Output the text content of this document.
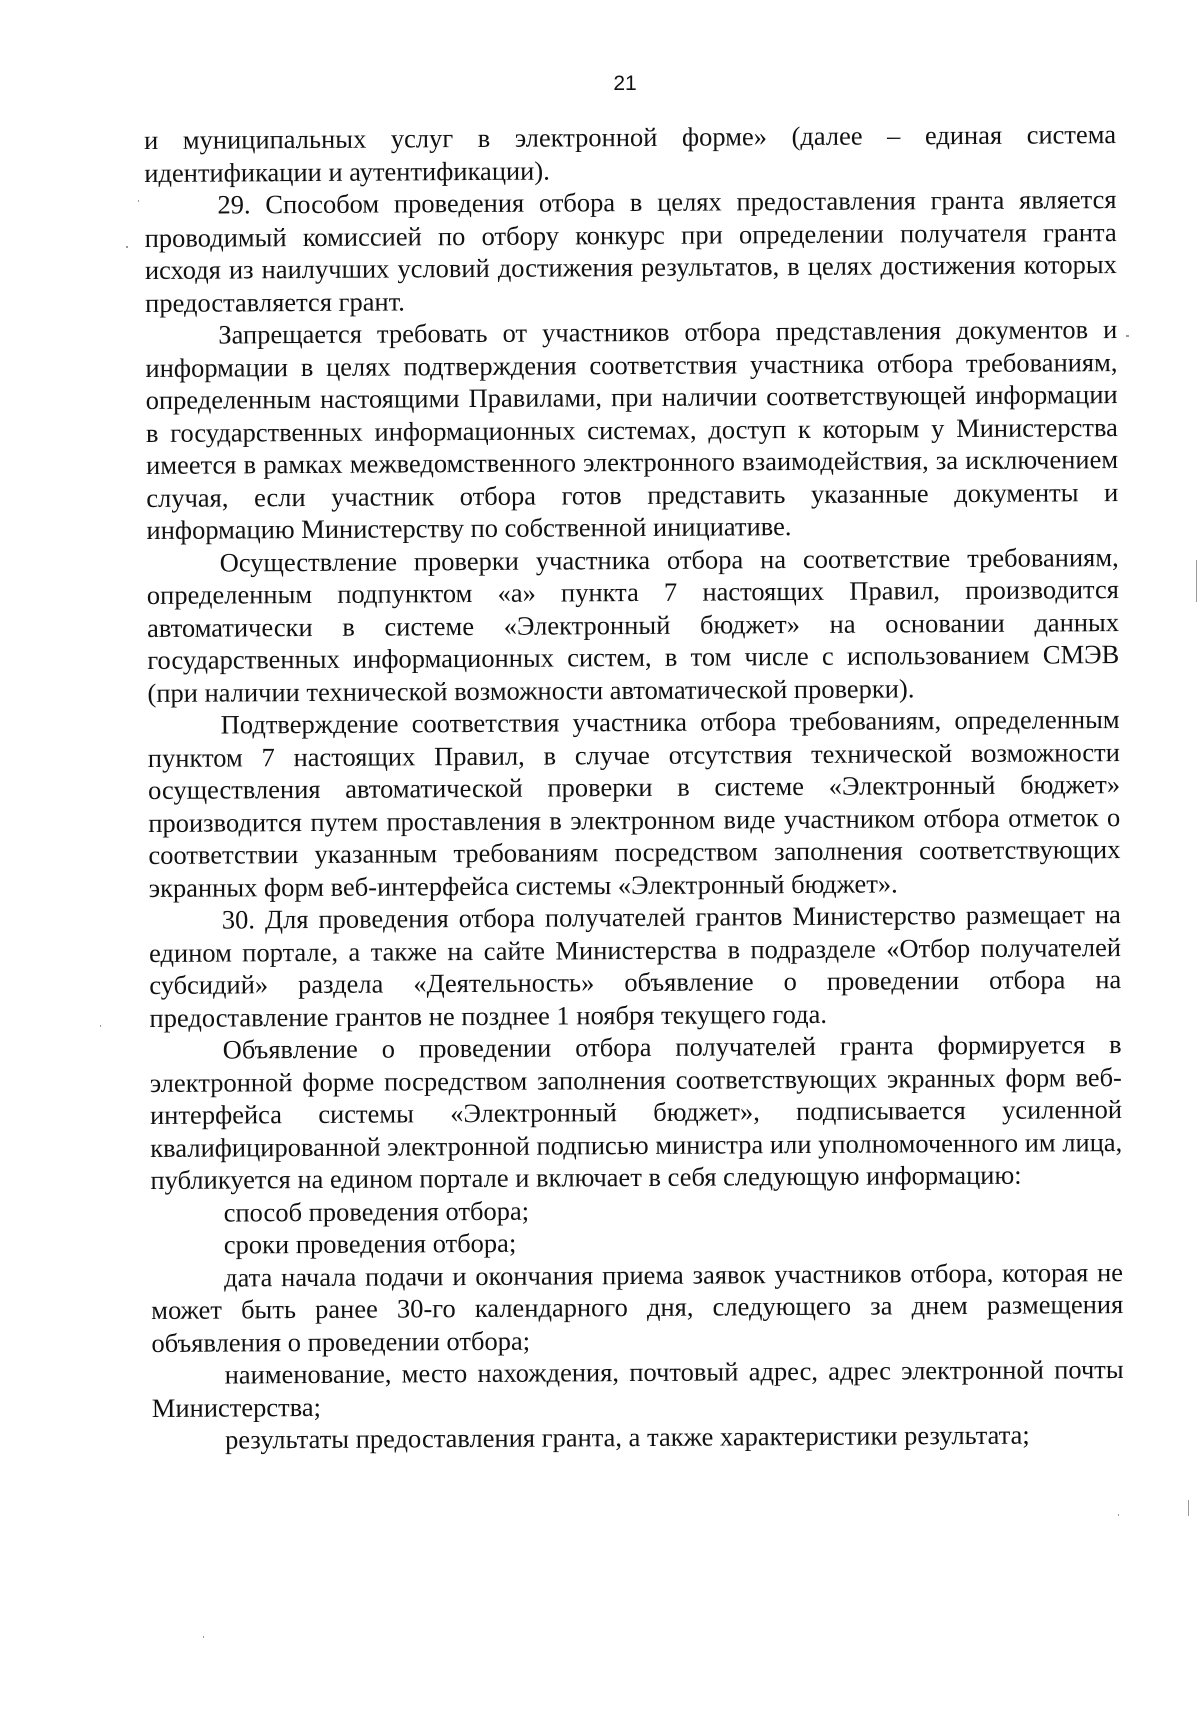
21

и муниципальных услуг в электронной форме» (далее – единая система идентификации и аутентификации).

29. Способом проведения отбора в целях предоставления гранта является проводимый комиссией по отбору конкурс при определении получателя гранта исходя из наилучших условий достижения результатов, в целях достижения которых предоставляется грант.

Запрещается требовать от участников отбора представления документов и информации в целях подтверждения соответствия участника отбора требованиям, определенным настоящими Правилами, при наличии соответствующей информации в государственных информационных системах, доступ к которым у Министерства имеется в рамках межведомственного электронного взаимодействия, за исключением случая, если участник отбора готов представить указанные документы и информацию Министерству по собственной инициативе.

Осуществление проверки участника отбора на соответствие требованиям, определенным подпунктом «а» пункта 7 настоящих Правил, производится автоматически в системе «Электронный бюджет» на основании данных государственных информационных систем, в том числе с использованием СМЭВ (при наличии технической возможности автоматической проверки).

Подтверждение соответствия участника отбора требованиям, определенным пунктом 7 настоящих Правил, в случае отсутствия технической возможности осуществления автоматической проверки в системе «Электронный бюджет» производится путем проставления в электронном виде участником отбора отметок о соответствии указанным требованиям посредством заполнения соответствующих экранных форм веб-интерфейса системы «Электронный бюджет».

30. Для проведения отбора получателей грантов Министерство размещает на едином портале, а также на сайте Министерства в подразделе «Отбор получателей субсидий» раздела «Деятельность» объявление о проведении отбора на предоставление грантов не позднее 1 ноября текущего года.

Объявление о проведении отбора получателей гранта формируется в электронной форме посредством заполнения соответствующих экранных форм веб-интерфейса системы «Электронный бюджет», подписывается усиленной квалифицированной электронной подписью министра или уполномоченного им лица, публикуется на едином портале и включает в себя следующую информацию:

способ проведения отбора;

сроки проведения отбора;

дата начала подачи и окончания приема заявок участников отбора, которая не может быть ранее 30-го календарного дня, следующего за днем размещения объявления о проведении отбора;

наименование, место нахождения, почтовый адрес, адрес электронной почты Министерства;

результаты предоставления гранта, а также характеристики результата;
